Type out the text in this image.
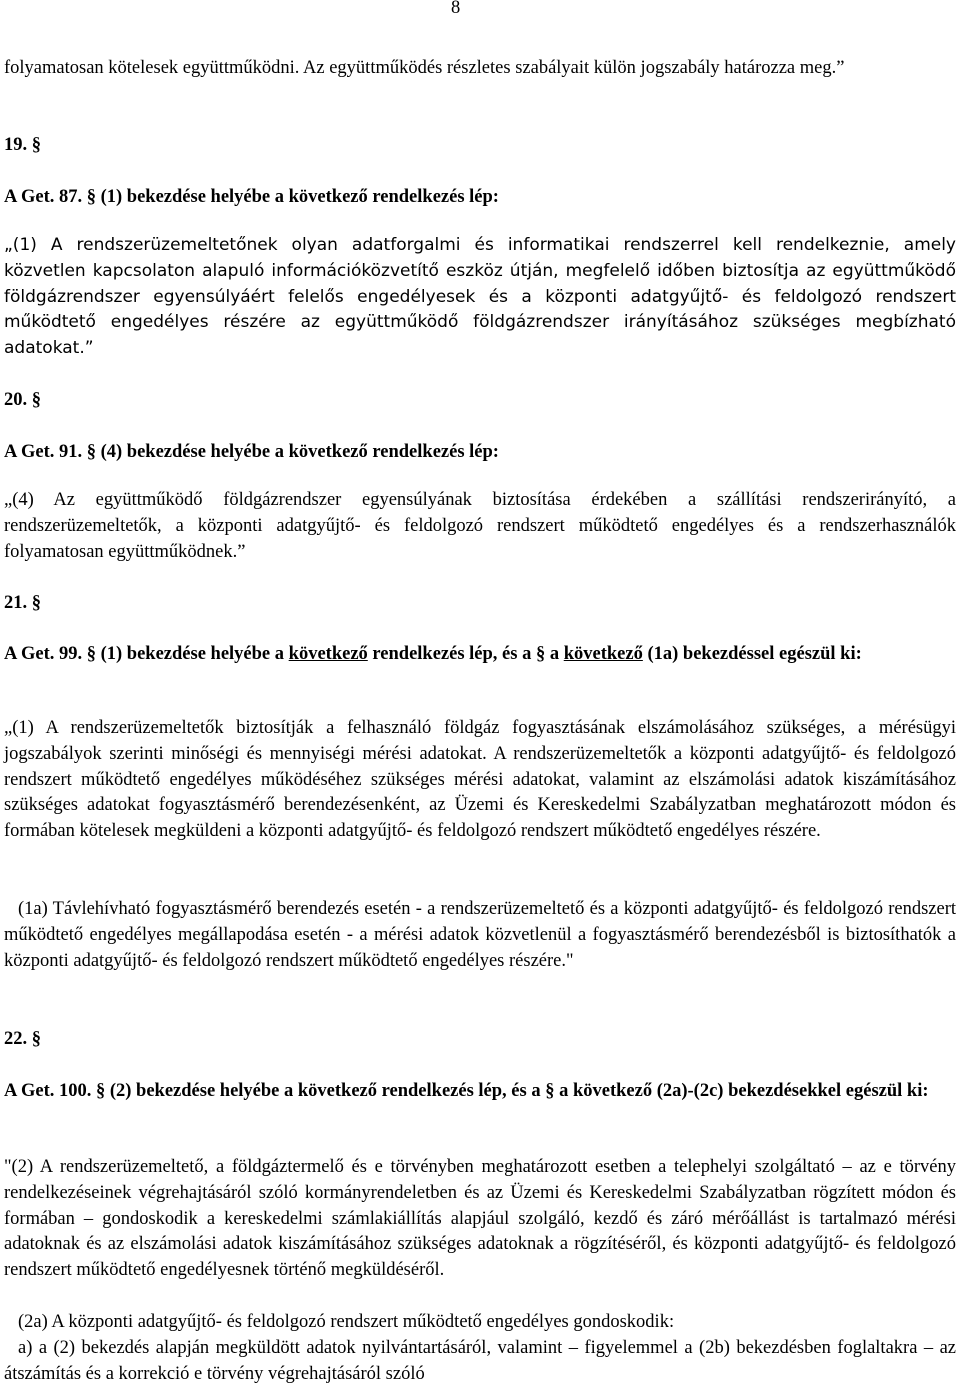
8

folyamatosan kötelesek együttműködni. Az együttműködés részletes szabályait külön jogszabály határozza meg.”

19. §

A Get. 87. § (1) bekezdése helyébe a következő rendelkezés lép:

„(1) A rendszerüzemeltetőnek olyan adatforgalmi és informatikai rendszerrel kell rendelkeznie, amely közvetlen kapcsolaton alapuló információközvetítő eszköz útján, megfelelő időben biztosítja az együttműködő földgázrendszer egyensúlyáért felelős engedélyesek és a központi adatgyűjtő- és feldolgozó rendszert működtető engedélyes részére az együttműködő földgázrendszer irányításához szükséges megbízható adatokat.”

20. §

A Get. 91. § (4) bekezdése helyébe a következő rendelkezés lép:

„(4) Az együttműködő földgázrendszer egyensúlyának biztosítása érdekében a szállítási rendszerirányító, a rendszerüzemeltetők, a központi adatgyűjtő- és feldolgozó rendszert működtető engedélyes és a rendszerhasználók folyamatosan együttműködnek.”

21. §

A Get. 99. § (1) bekezdése helyébe a következő rendelkezés lép, és a § a következő (1a) bekezdéssel egészül ki:

„(1) A rendszerüzemeltetők biztosítják a felhasználó földgáz fogyasztásának elszámolásához szükséges, a mérésügyi jogszabályok szerinti minőségi és mennyiségi mérési adatokat. A rendszerüzemeltetők a központi adatgyűjtő- és feldolgozó rendszert működtető engedélyes működéséhez szükséges mérési adatokat, valamint az elszámolási adatok kiszámításához szükséges adatokat fogyasztásmérő berendezésenként, az Üzemi és Kereskedelmi Szabályzatban meghatározott módon és formában kötelesek megküldeni a központi adatgyűjtő- és feldolgozó rendszert működtető engedélyes részére.

(1a) Távlehívható fogyasztásmérő berendezés esetén - a rendszerüzemeltető és a központi adatgyűjtő- és feldolgozó rendszert működtető engedélyes megállapodása esetén - a mérési adatok közvetlenül a fogyasztásmérő berendezésből is biztosíthatók a központi adatgyűjtő- és feldolgozó rendszert működtető engedélyes részére."

22. §

A Get. 100. § (2) bekezdése helyébe a következő rendelkezés lép, és a § a következő (2a)-(2c) bekezdésekkel egészül ki:

"(2) A rendszerüzemeltető, a földgáztermelő és e törvényben meghatározott esetben a telephelyi szolgáltató – az e törvény rendelkezéseinek végrehajtásáról szóló kormányrendeletben és az Üzemi és Kereskedelmi Szabályzatban rögzített módon és formában – gondoskodik a kereskedelmi számlakiállítás alapjául szolgáló, kezdő és záró mérőállást is tartalmazó mérési adatoknak és az elszámolási adatok kiszámításához szükséges adatoknak a rögzítéséről, és központi adatgyűjtő- és feldolgozó rendszert működtető engedélyesnek történő megküldéséről.

(2a) A központi adatgyűjtő- és feldolgozó rendszert működtető engedélyes gondoskodik:

a) a (2) bekezdés alapján megküldött adatok nyilvántartásáról, valamint – figyelemmel a (2b) bekezdésben foglaltakra – az átszámítás és a korrekció e törvény végrehajtásáról szóló
